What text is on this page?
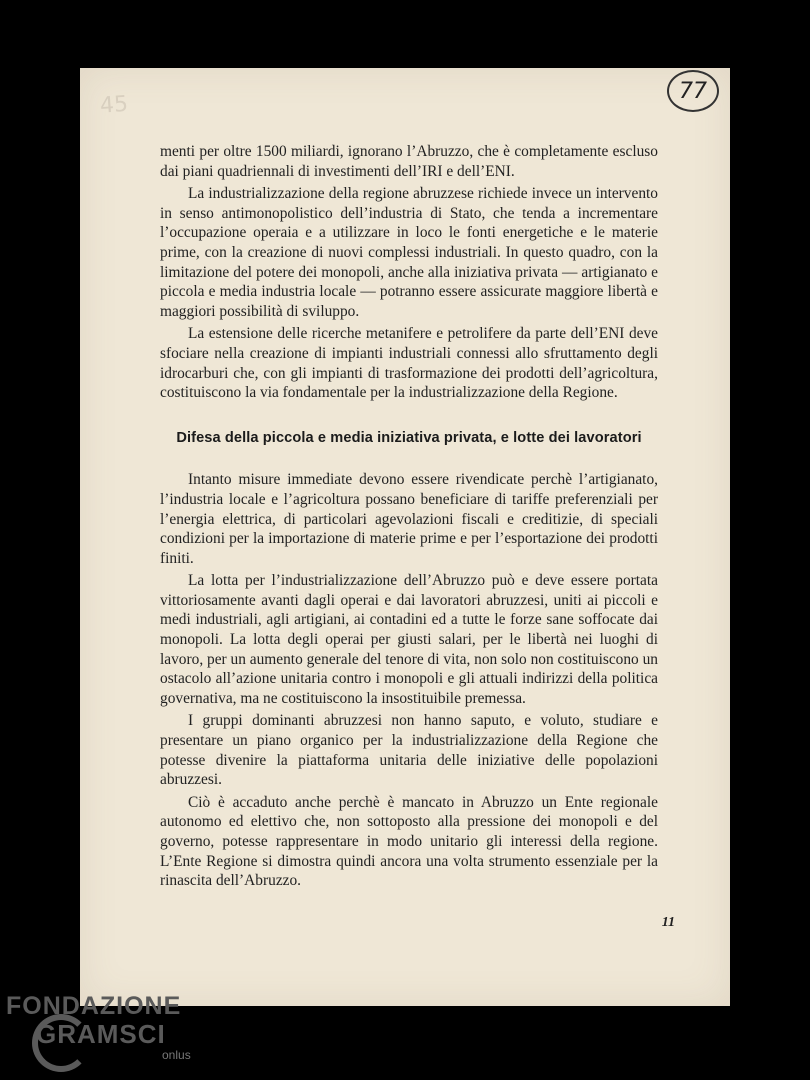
45
77

menti per oltre 1500 miliardi, ignorano l’Abruzzo, che è completamente escluso dai piani quadriennali di investimenti dell’IRI e dell’ENI.

La industrializzazione della regione abruzzese richiede invece un intervento in senso antimonopolistico dell’industria di Stato, che tenda a incrementare l’occupazione operaia e a utilizzare in loco le fonti energetiche e le materie prime, con la creazione di nuovi complessi industriali. In questo quadro, con la limitazione del potere dei monopoli, anche alla iniziativa privata — artigianato e piccola e media industria locale — potranno essere assicurate maggiore libertà e maggiori possibilità di sviluppo.

La estensione delle ricerche metanifere e petrolifere da parte dell’ENI deve sfociare nella creazione di impianti industriali connessi allo sfruttamento degli idrocarburi che, con gli impianti di trasformazione dei prodotti dell’agricoltura, costituiscono la via fondamentale per la industrializzazione della Regione.

Difesa della piccola e media iniziativa privata, e lotte dei lavoratori

Intanto misure immediate devono essere rivendicate perchè l’artigianato, l’industria locale e l’agricoltura possano beneficiare di tariffe preferenziali per l’energia elettrica, di particolari agevolazioni fiscali e creditizie, di speciali condizioni per la importazione di materie prime e per l’esportazione dei prodotti finiti.

La lotta per l’industrializzazione dell’Abruzzo può e deve essere portata vittoriosamente avanti dagli operai e dai lavoratori abruzzesi, uniti ai piccoli e medi industriali, agli artigiani, ai contadini ed a tutte le forze sane soffocate dai monopoli. La lotta degli operai per giusti salari, per le libertà nei luoghi di lavoro, per un aumento generale del tenore di vita, non solo non costituiscono un ostacolo all’azione unitaria contro i monopoli e gli attuali indirizzi della politica governativa, ma ne costituiscono la insostituibile premessa.

I gruppi dominanti abruzzesi non hanno saputo, e voluto, studiare e presentare un piano organico per la industrializzazione della Regione che potesse divenire la piattaforma unitaria delle iniziative delle popolazioni abruzzesi.

Ciò è accaduto anche perchè è mancato in Abruzzo un Ente regionale autonomo ed elettivo che, non sottoposto alla pressione dei monopoli e del governo, potesse rappresentare in modo unitario gli interessi della regione. L’Ente Regione si dimostra quindi ancora una volta strumento essenziale per la rinascita dell’Abruzzo.

11
FONDAZIONE
GRAMSCI
onlus
